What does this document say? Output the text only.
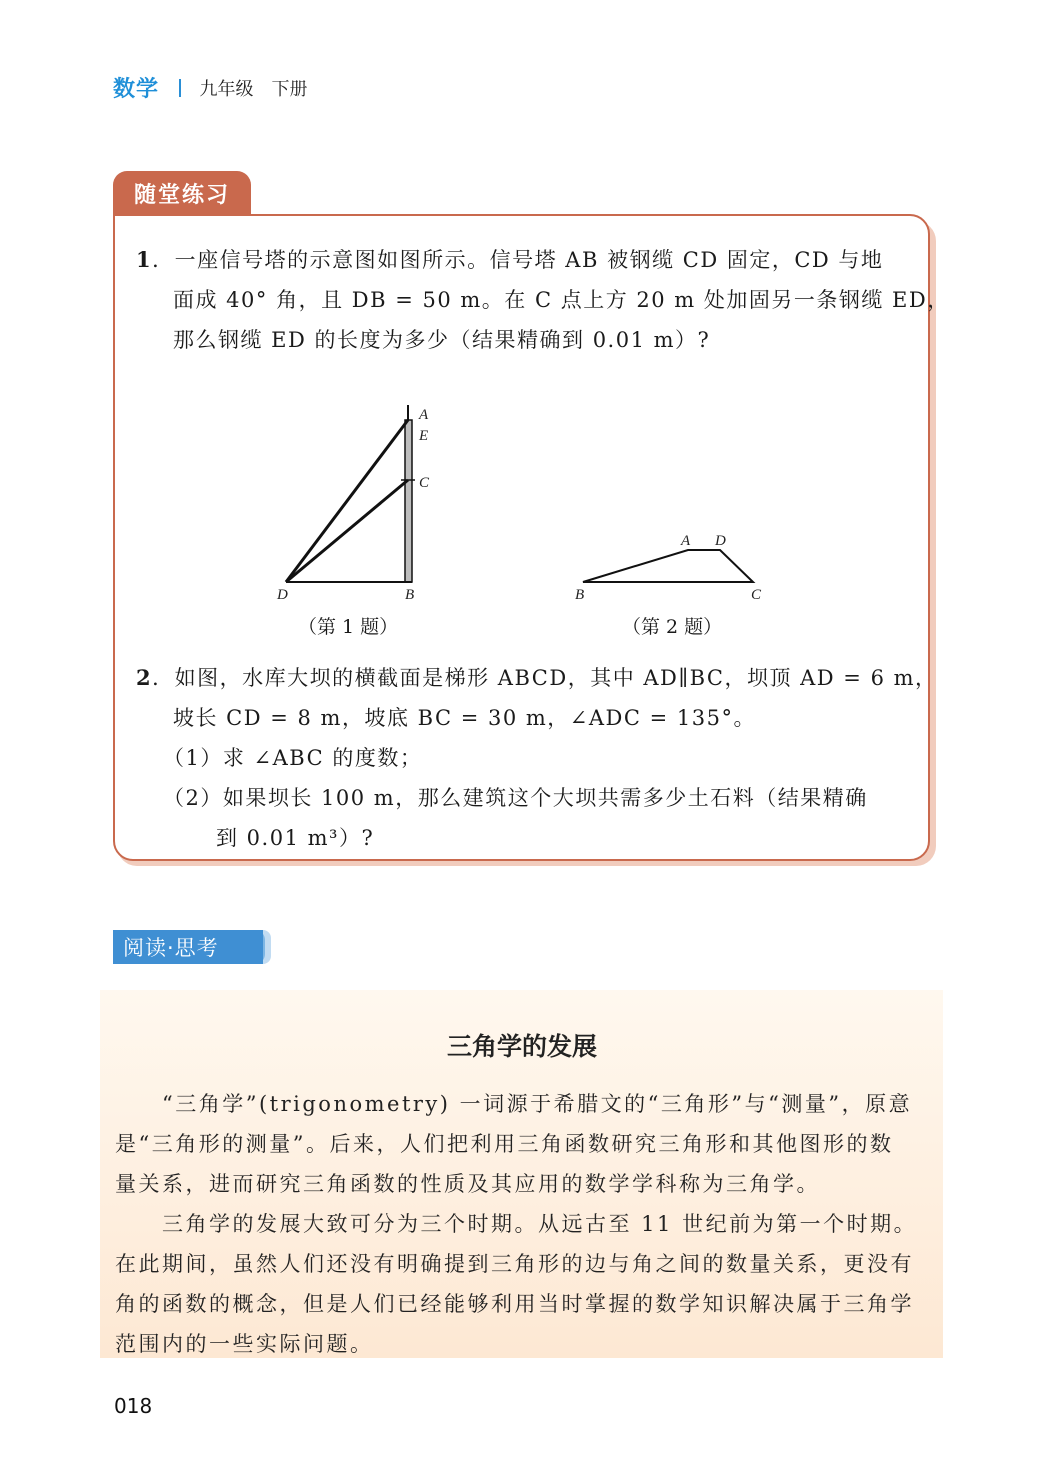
数学 九年级 下册
随堂练习
1．一座信号塔的示意图如图所示。信号塔 AB 被钢缆 CD 固定，CD 与地
面成 40° 角，且 DB = 50 m。在 C 点上方 20 m 处加固另一条钢缆 ED，
那么钢缆 ED 的长度为多少（结果精确到 0.01 m）?
A
E
C
D	B
（第 1 题）
A D
B	C
（第 2 题）
2．如图，水库大坝的横截面是梯形 ABCD，其中 AD∥BC，坝顶 AD = 6 m，
坡长 CD = 8 m，坡底 BC = 30 m，∠ADC = 135°。
（1）求 ∠ABC 的度数；
（2）如果坝长 100 m，那么建筑这个大坝共需多少土石料（结果精确
到 0.01 m³）?
阅读·思考
三角学的发展
“三角学”(trigonometry) 一词源于希腊文的“三角形”与“测量”，原意
是“三角形的测量”。后来，人们把利用三角函数研究三角形和其他图形的数
量关系，进而研究三角函数的性质及其应用的数学学科称为三角学。
三角学的发展大致可分为三个时期。从远古至 11 世纪前为第一个时期。
在此期间，虽然人们还没有明确提到三角形的边与角之间的数量关系，更没有
角的函数的概念，但是人们已经能够利用当时掌握的数学知识解决属于三角学
范围内的一些实际问题。
018
